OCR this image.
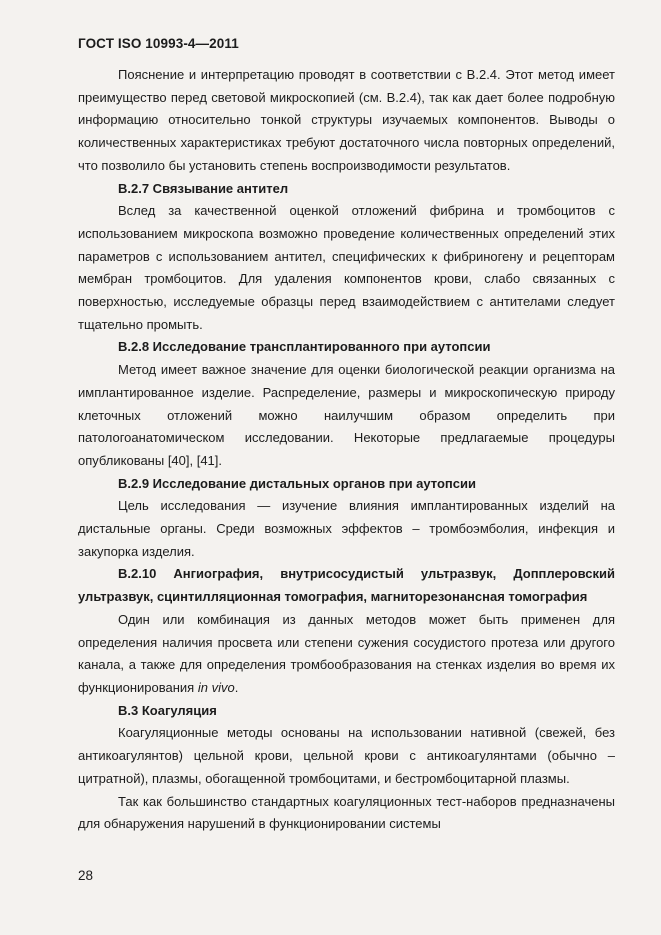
ГОСТ ISO 10993-4—2011

Пояснение и интерпретацию проводят в соответствии с В.2.4. Этот метод имеет преимущество перед световой микроскопией (см. В.2.4), так как дает более подробную информацию относительно тонкой структуры изучаемых компонентов. Выводы о количественных характеристиках требуют достаточного числа повторных определений, что позволило бы установить степень воспроизводимости результатов.

В.2.7 Связывание антител

Вслед за качественной оценкой отложений фибрина и тромбоцитов с использованием микроскопа возможно проведение количественных определений этих параметров с использованием антител, специфических к фибриногену и рецепторам мембран тромбоцитов. Для удаления компонентов крови, слабо связанных с поверхностью, исследуемые образцы перед взаимодействием с антителами следует тщательно промыть.

В.2.8 Исследование трансплантированного при аутопсии

Метод имеет важное значение для оценки биологической реакции организма на имплантированное изделие. Распределение, размеры и микроскопическую природу клеточных отложений можно наилучшим образом определить при патологоанатомическом исследовании. Некоторые предлагаемые процедуры опубликованы [40], [41].

В.2.9 Исследование дистальных органов при аутопсии

Цель исследования — изучение влияния имплантированных изделий на дистальные органы. Среди возможных эффектов – тромбоэмболия, инфекция и закупорка изделия.

В.2.10 Ангиография, внутрисосудистый ультразвук, Допплеровский ультразвук, сцинтилляционная томография, магниторезонансная томография

Один или комбинация из данных методов может быть применен для определения наличия просвета или степени сужения сосудистого протеза или другого канала, а также для определения тромбообразования на стенках изделия во время их функционирования in vivo.

В.3 Коагуляция

Коагуляционные методы основаны на использовании нативной (свежей, без антикоагулянтов) цельной крови, цельной крови с антикоагулянтами (обычно – цитратной), плазмы, обогащенной тромбоцитами, и бестромбоцитарной плазмы.

Так как большинство стандартных коагуляционных тест-наборов предназначены для обнаружения нарушений в функционировании системы

28
